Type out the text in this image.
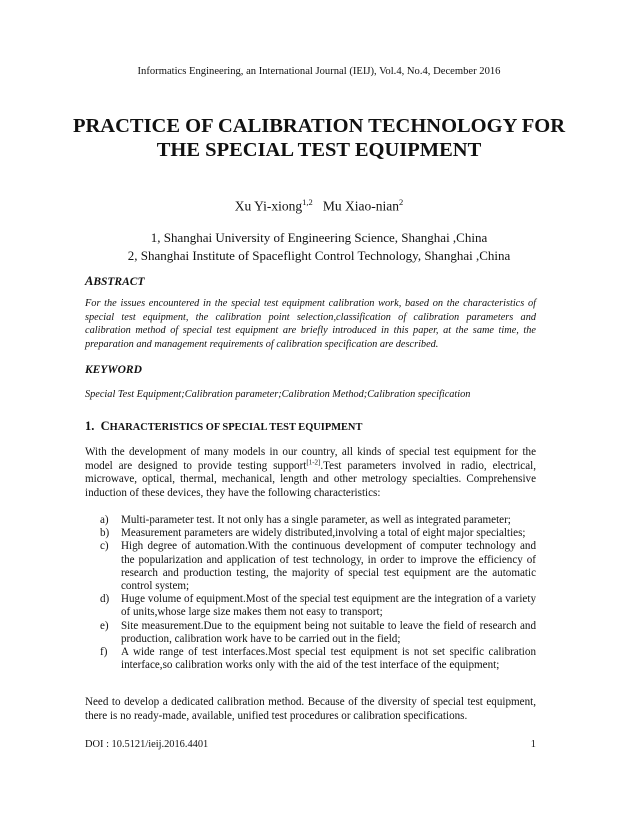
Informatics Engineering, an International Journal (IEIJ), Vol.4, No.4, December 2016
PRACTICE OF CALIBRATION TECHNOLOGY FOR THE SPECIAL TEST EQUIPMENT
Xu Yi-xiong$^{1,2}$ Mu Xiao-nian$^2$
1, Shanghai University of Engineering Science, Shanghai ,China
2, Shanghai Institute of Spaceflight Control Technology, Shanghai ,China
ABSTRACT
For the issues encountered in the special test equipment calibration work, based on the characteristics of special test equipment, the calibration point selection,classification of calibration parameters and calibration method of special test equipment are briefly introduced in this paper, at the same time, the preparation and management requirements of calibration specification are described.
KEYWORD
Special Test Equipment;Calibration parameter;Calibration Method;Calibration specification
1. CHARACTERISTICS OF SPECIAL TEST EQUIPMENT
With the development of many models in our country, all kinds of special test equipment for the model are designed to provide testing support[1-2].Test parameters involved in radio, electrical, microwave, optical, thermal, mechanical, length and other metrology specialties. Comprehensive induction of these devices, they have the following characteristics:
a) Multi-parameter test. It not only has a single parameter, as well as integrated parameter;
b) Measurement parameters are widely distributed,involving a total of eight major specialties;
c) High degree of automation.With the continuous development of computer technology and the popularization and application of test technology, in order to improve the efficiency of research and production testing, the majority of special test equipment are the automatic control system;
d) Huge volume of equipment.Most of the special test equipment are the integration of a variety of units,whose large size makes them not easy to transport;
e) Site measurement.Due to the equipment being not suitable to leave the field of research and production, calibration work have to be carried out in the field;
f) A wide range of test interfaces.Most special test equipment is not set specific calibration interface,so calibration works only with the aid of the test interface of the equipment;
Need to develop a dedicated calibration method. Because of the diversity of special test equipment, there is no ready-made, available, unified test procedures or calibration specifications.
DOI : 10.5121/ieij.2016.4401	1
